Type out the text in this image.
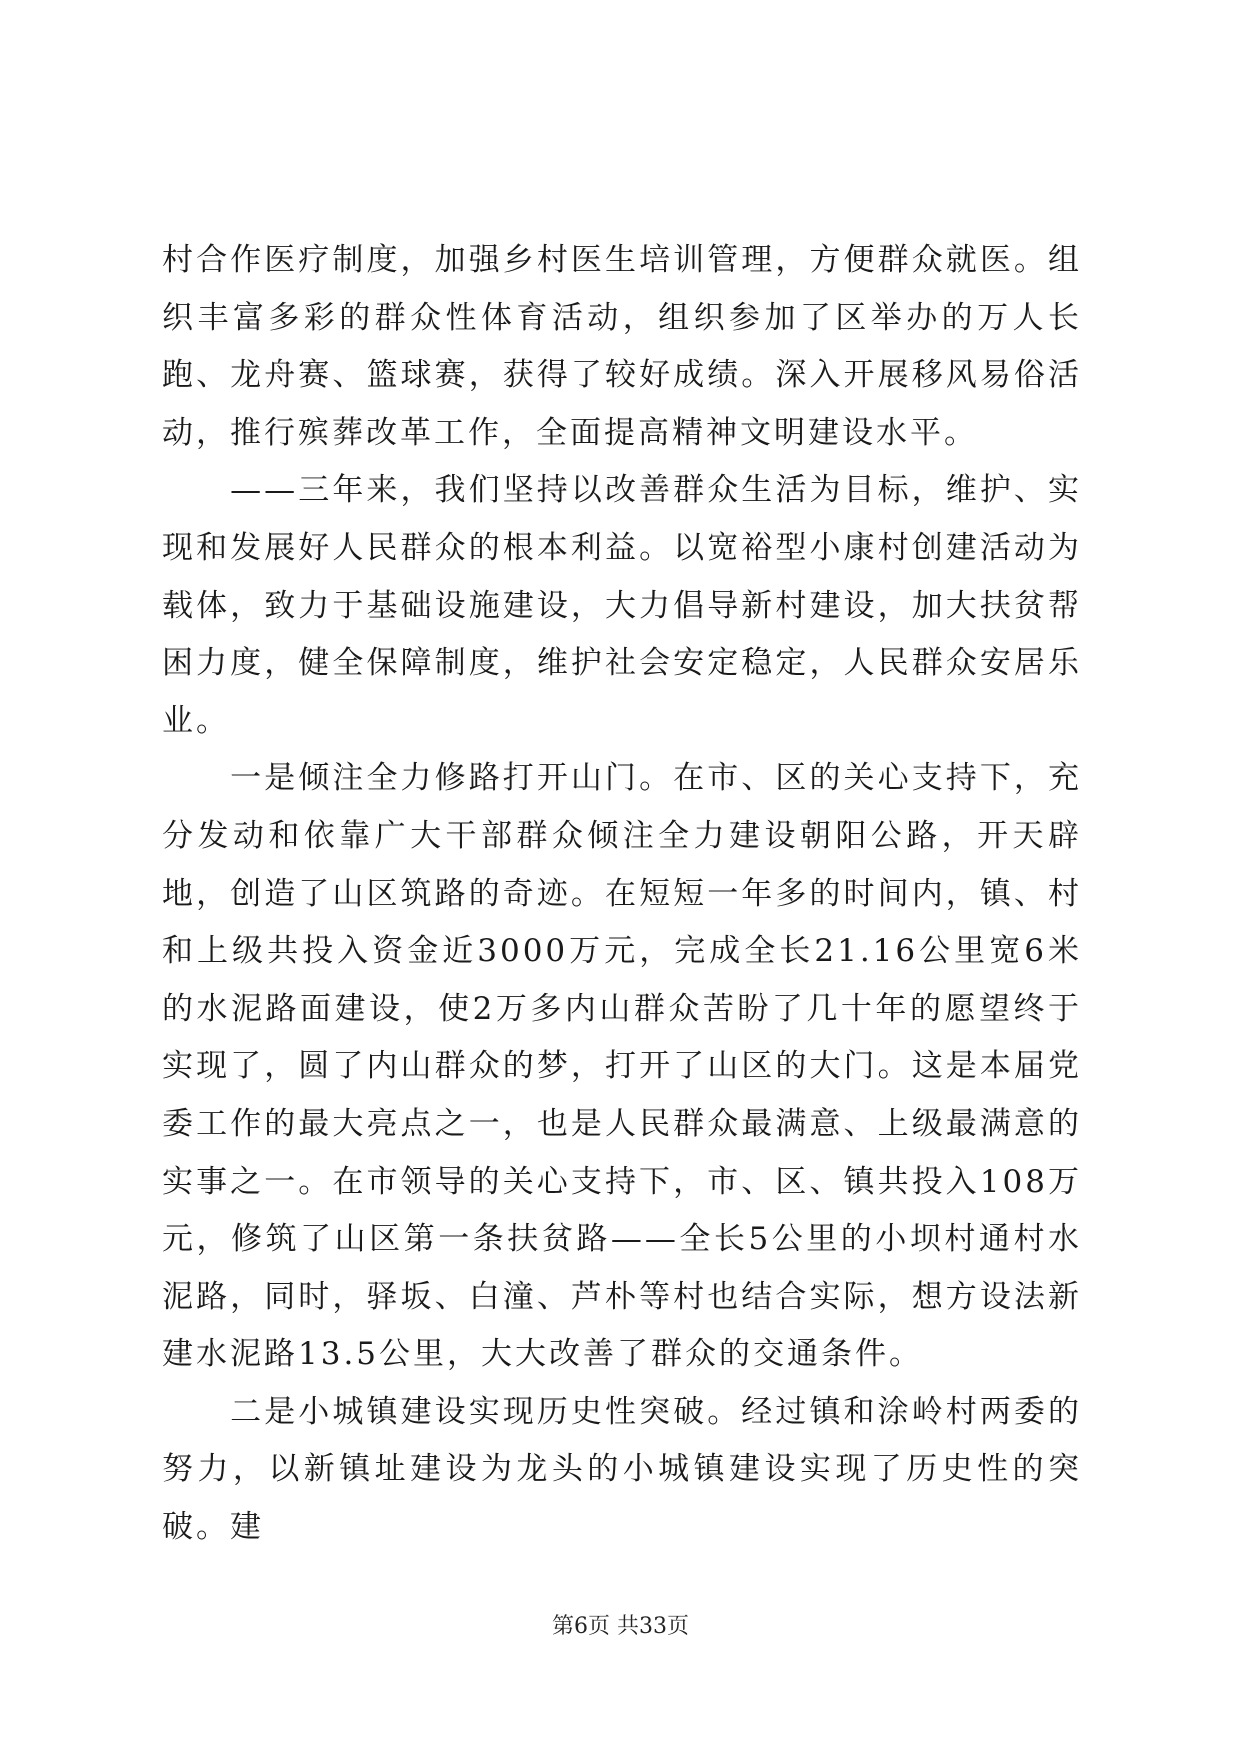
村合作医疗制度，加强乡村医生培训管理，方便群众就医。组织丰富多彩的群众性体育活动，组织参加了区举办的万人长跑、龙舟赛、篮球赛，获得了较好成绩。深入开展移风易俗活动，推行殡葬改革工作，全面提高精神文明建设水平。

　　——三年来，我们坚持以改善群众生活为目标，维护、实现和发展好人民群众的根本利益。以宽裕型小康村创建活动为载体，致力于基础设施建设，大力倡导新村建设，加大扶贫帮困力度，健全保障制度，维护社会安定稳定，人民群众安居乐业。

　　一是倾注全力修路打开山门。在市、区的关心支持下，充分发动和依靠广大干部群众倾注全力建设朝阳公路，开天辟地，创造了山区筑路的奇迹。在短短一年多的时间内，镇、村和上级共投入资金近3000万元，完成全长21.16公里宽6米的水泥路面建设，使2万多内山群众苦盼了几十年的愿望终于实现了，圆了内山群众的梦，打开了山区的大门。这是本届党委工作的最大亮点之一，也是人民群众最满意、上级最满意的实事之一。在市领导的关心支持下，市、区、镇共投入108万元，修筑了山区第一条扶贫路——全长5公里的小坝村通村水泥路，同时，驿坂、白潼、芦朴等村也结合实际，想方设法新建水泥路13.5公里，大大改善了群众的交通条件。

　　二是小城镇建设实现历史性突破。经过镇和涂岭村两委的努力，以新镇址建设为龙头的小城镇建设实现了历史性的突破。建

第6页 共33页
